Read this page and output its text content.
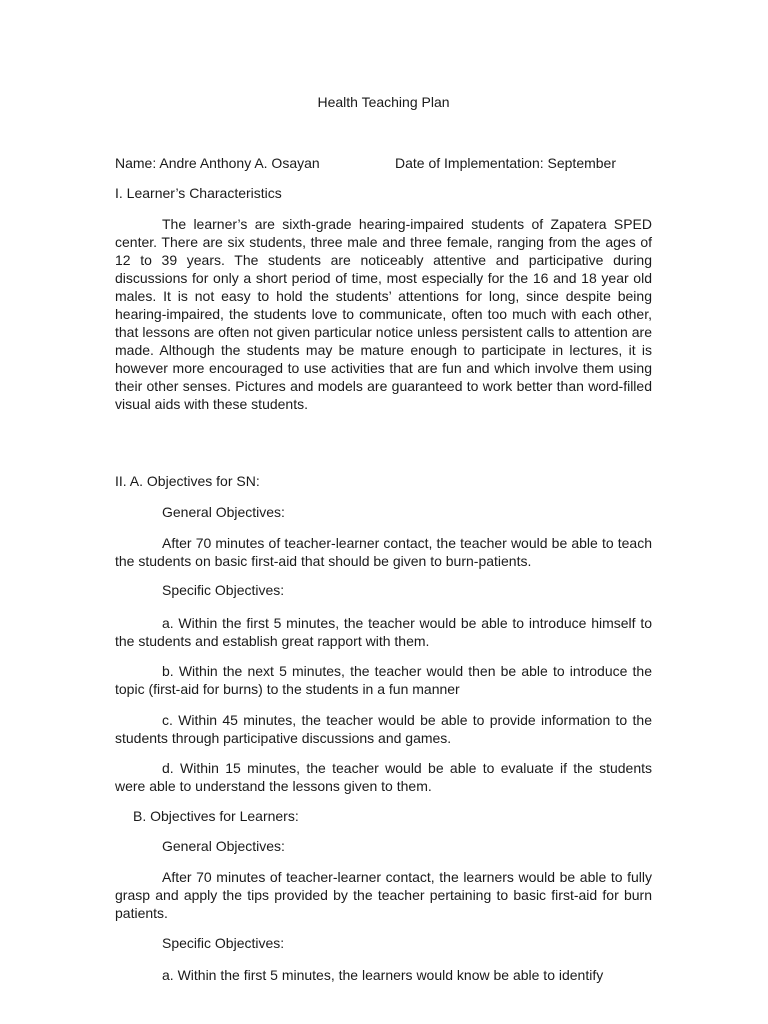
Health Teaching Plan
Name: Andre Anthony A. Osayan	Date of Implementation: September
I. Learner’s Characteristics

The learner’s are sixth-grade hearing-impaired students of Zapatera SPED center. There are six students, three male and three female, ranging from the ages of 12 to 39 years. The students are noticeably attentive and participative during discussions for only a short period of time, most especially for the 16 and 18 year old males. It is not easy to hold the students’ attentions for long, since despite being hearing-impaired, the students love to communicate, often too much with each other, that lessons are often not given particular notice unless persistent calls to attention are made. Although the students may be mature enough to participate in lectures, it is however more encouraged to use activities that are fun and which involve them using their other senses. Pictures and models are guaranteed to work better than word-filled visual aids with these students.

II. A. Objectives for SN:
General Objectives:

After 70 minutes of teacher-learner contact, the teacher would be able to teach the students on basic first-aid that should be given to burn-patients.

Specific Objectives:

a. Within the first 5 minutes, the teacher would be able to introduce himself to the students and establish great rapport with them.

b. Within the next 5 minutes, the teacher would then be able to introduce the topic (first-aid for burns) to the students in a fun manner

c. Within 45 minutes, the teacher would be able to provide information to the students through participative discussions and games.

d. Within 15 minutes, the teacher would be able to evaluate if the students were able to understand the lessons given to them.

B. Objectives for Learners:
General Objectives:

After 70 minutes of teacher-learner contact, the learners would be able to fully grasp and apply the tips provided by the teacher pertaining to basic first-aid for burn patients.

Specific Objectives:

a. Within the first 5 minutes, the learners would know be able to identify
